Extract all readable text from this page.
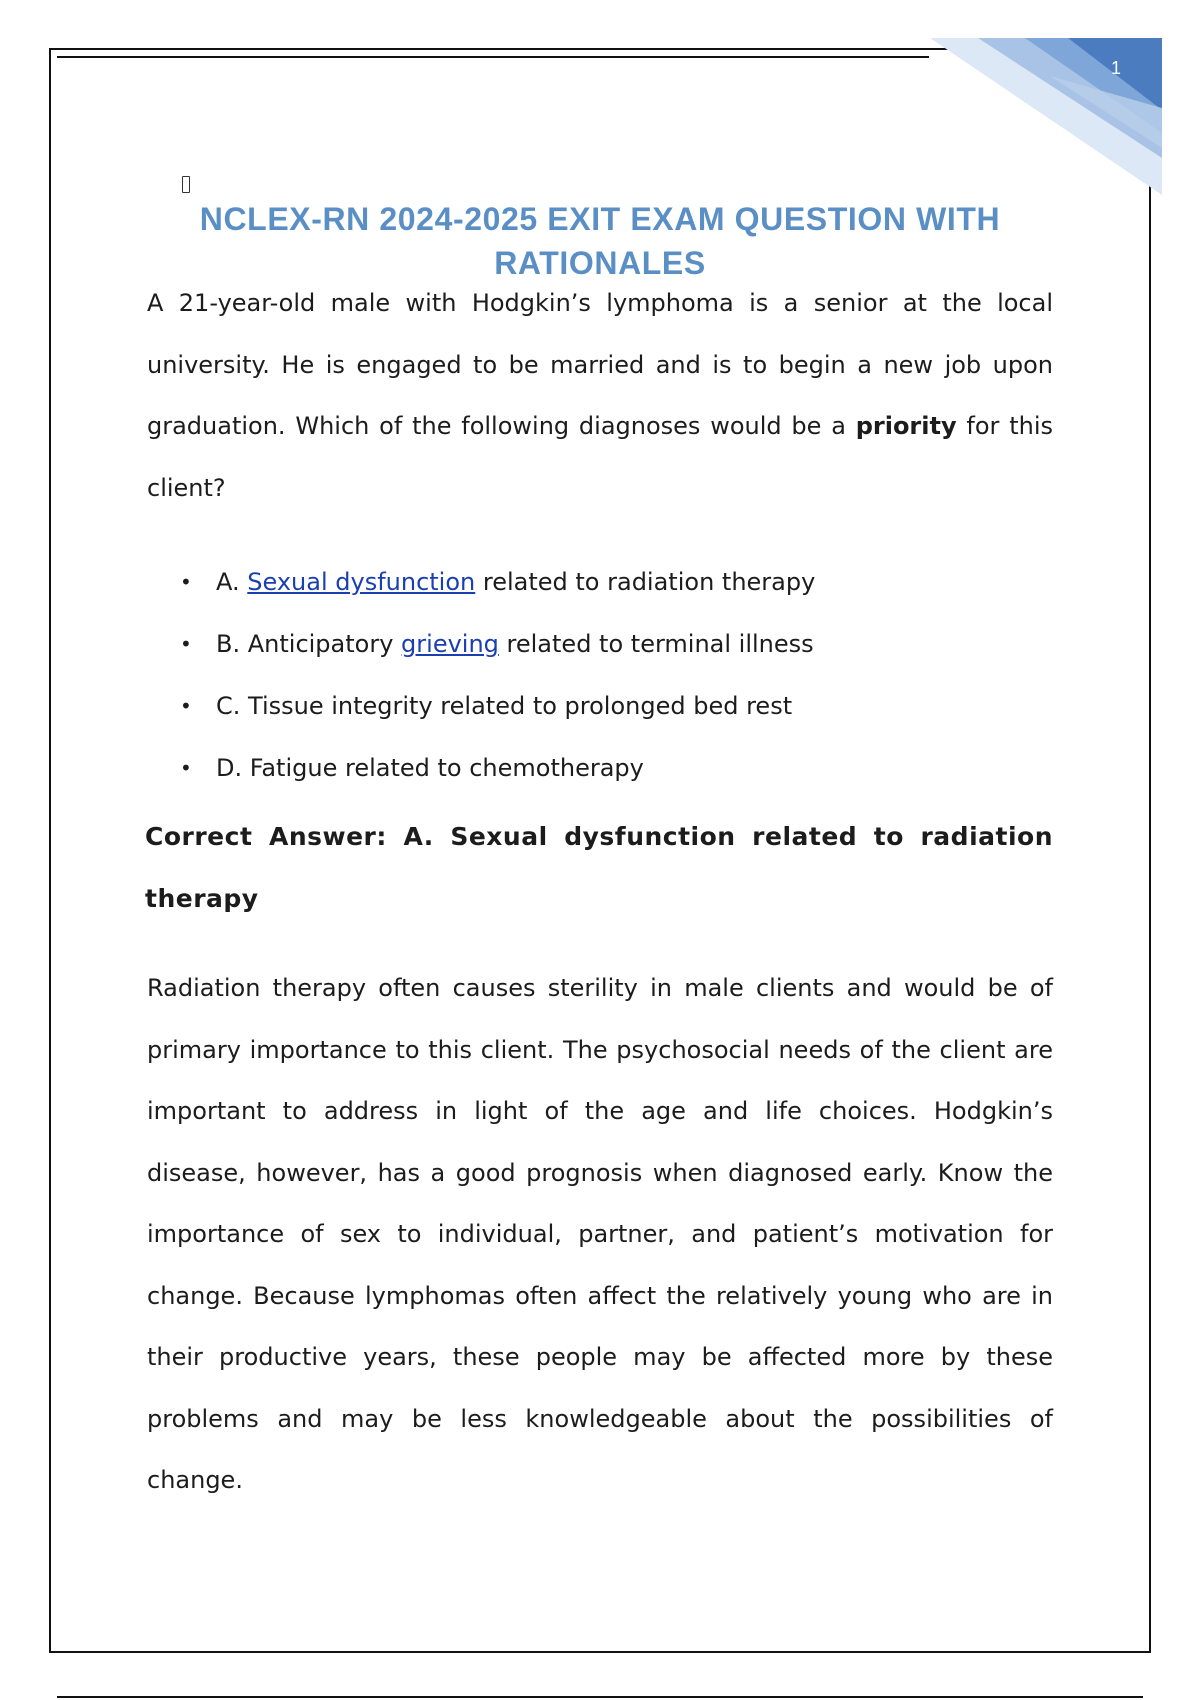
1
NCLEX-RN 2024-2025 EXIT EXAM QUESTION WITH RATIONALES

A 21-year-old male with Hodgkin’s lymphoma is a senior at the local university. He is engaged to be married and is to begin a new job upon graduation. Which of the following diagnoses would be a priority for this client?

• A. Sexual dysfunction related to radiation therapy
• B. Anticipatory grieving related to terminal illness
• C. Tissue integrity related to prolonged bed rest
• D. Fatigue related to chemotherapy

Correct Answer: A. Sexual dysfunction related to radiation therapy

Radiation therapy often causes sterility in male clients and would be of primary importance to this client. The psychosocial needs of the client are important to address in light of the age and life choices. Hodgkin’s disease, however, has a good prognosis when diagnosed early. Know the importance of sex to individual, partner, and patient’s motivation for change. Because lymphomas often affect the relatively young who are in their productive years, these people may be affected more by these problems and may be less knowledgeable about the possibilities of change.
